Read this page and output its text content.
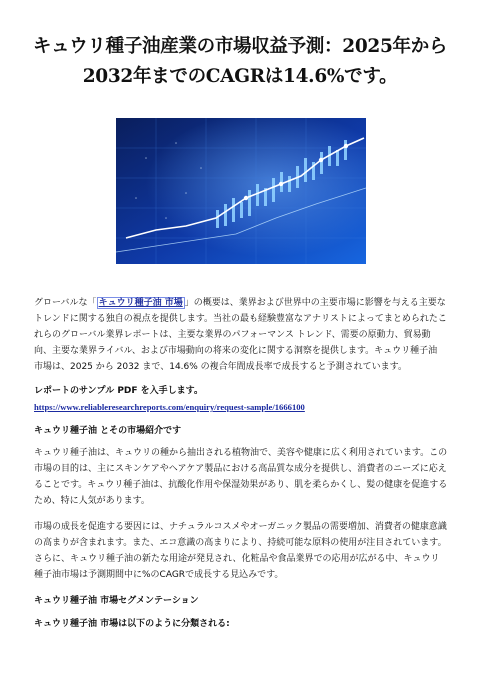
キュウリ種子油産業の市場収益予測：2025年から2032年までのCAGRは14.6%です。

グローバルな「 キュウリ種子油 市場 」の概要は、業界および世界中の主要市場に影響を与える主要なトレンドに関する独自の視点を提供します。当社の最も経験豊富なアナリストによってまとめられたこれらのグローバル業界レポートは、主要な業界のパフォーマンス トレンド、需要の原動力、貿易動向、主要な業界ライバル、および市場動向の将来の変化に関する洞察を提供します。キュウリ種子油 市場は、2025 から 2032 まで、14.6% の複合年間成長率で成長すると予測されています。

レポートのサンプル PDF を入手します。

https://www.reliableresearchreports.com/enquiry/request-sample/1666100

キュウリ種子油 とその市場紹介です

キュウリ種子油は、キュウリの種から抽出される植物油で、美容や健康に広く利用されています。この市場の目的は、主にスキンケアやヘアケア製品における高品質な成分を提供し、消費者のニーズに応えることです。キュウリ種子油は、抗酸化作用や保湿効果があり、肌を柔らかくし、髪の健康を促進するため、特に人気があります。

市場の成長を促進する要因には、ナチュラルコスメやオーガニック製品の需要増加、消費者の健康意識の高まりが含まれます。また、エコ意識の高まりにより、持続可能な原料の使用が注目されています。さらに、キュウリ種子油の新たな用途が発見され、化粧品や食品業界での応用が広がる中、キュウリ種子油市場は予測期間中に%のCAGRで成長する見込みです。

キュウリ種子油 市場セグメンテーション

キュウリ種子油 市場は以下のように分類される:
